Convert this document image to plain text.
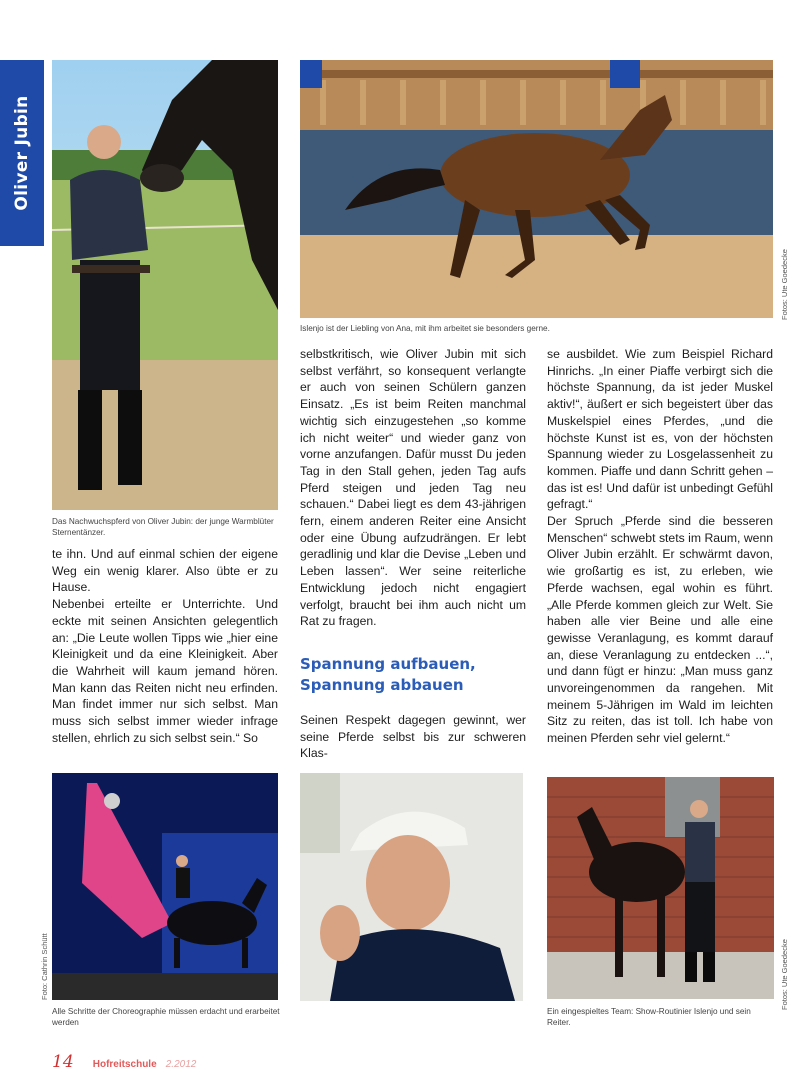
Oliver Jubin
Das Nachwuchspferd von Oliver Jubin: der junge Warmblüter Sternentänzer.
Islenjo ist der Liebling von Ana, mit ihm arbeitet sie besonders gerne.
Fotos: Ute Goedecke

te ihn. Und auf einmal schien der eigene Weg ein wenig klarer. Also übte er zu Hause.

Nebenbei erteilte er Unterrichte. Und eckte mit seinen Ansichten gelegentlich an: „Die Leute wollen Tipps wie „hier eine Kleinigkeit und da eine Kleinigkeit. Aber die Wahrheit will kaum jemand hören. Man kann das Reiten nicht neu erfinden. Man findet immer nur sich selbst. Man muss sich selbst immer wieder infrage stellen, ehrlich zu sich selbst sein.“ So

selbstkritisch, wie Oliver Jubin mit sich selbst verfährt, so konsequent verlangte er auch von seinen Schülern ganzen Einsatz. „Es ist beim Reiten manchmal wichtig sich einzugestehen „so komme ich nicht weiter“ und wieder ganz von vorne anzufangen. Dafür musst Du jeden Tag in den Stall gehen, jeden Tag aufs Pferd steigen und jeden Tag neu schauen.“ Dabei liegt es dem 43-jährigen fern, einem anderen Reiter eine Ansicht oder eine Übung aufzudrängen. Er lebt geradlinig und klar die Devise „Leben und Leben lassen“. Wer seine reiterliche Entwicklung jedoch nicht engagiert verfolgt, braucht bei ihm auch nicht um Rat zu fragen.

Spannung aufbauen,
Spannung abbauen

Seinen Respekt dagegen gewinnt, wer seine Pferde selbst bis zur schweren Klas-

se ausbildet. Wie zum Beispiel Richard Hinrichs. „In einer Piaffe verbirgt sich die höchste Spannung, da ist jeder Muskel aktiv!“, äußert er sich begeistert über das Muskelspiel eines Pferdes, „und die höchste Kunst ist es, von der höchsten Spannung wieder zu Losgelassenheit zu kommen. Piaffe und dann Schritt gehen – das ist es! Und dafür ist unbedingt Gefühl gefragt.“

Der Spruch „Pferde sind die besseren Menschen“ schwebt stets im Raum, wenn Oliver Jubin erzählt. Er schwärmt davon, wie großartig es ist, zu erleben, wie Pferde wachsen, egal wohin es führt. „Alle Pferde kommen gleich zur Welt. Sie haben alle vier Beine und alle eine gewisse Veranlagung, es kommt darauf an, diese Veranlagung zu entdecken ...“, und dann fügt er hinzu: „Man muss ganz unvoreingenommen da rangehen. Mit meinem 5-Jährigen im Wald im leichten Sitz zu reiten, das ist toll. Ich habe von meinen Pferden sehr viel gelernt.“

Foto: Cathrin Schütt
Alle Schritte der Choreographie müssen erdacht und erarbeitet werden
Fotos: Ute Goedecke
Ein eingespieltes Team: Show-Routinier Islenjo und sein Reiter.
14 Hofreitschule 2.2012
